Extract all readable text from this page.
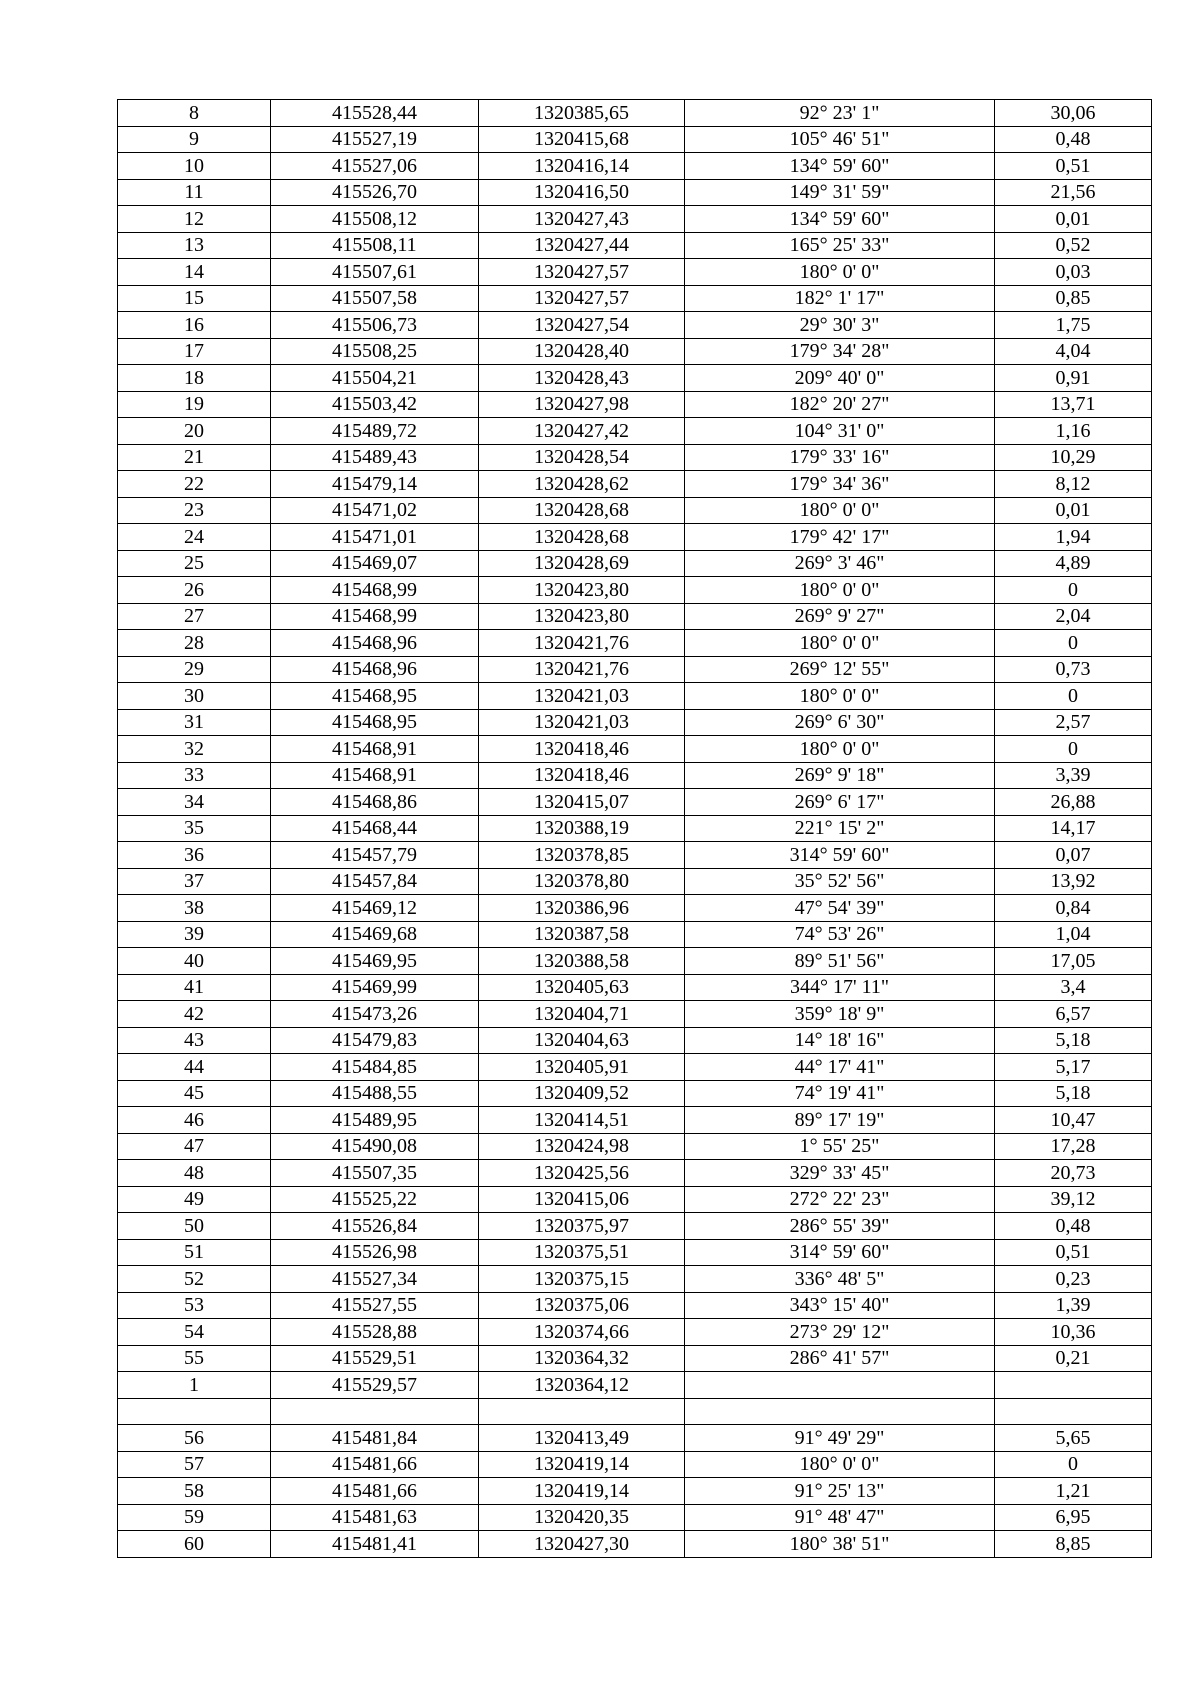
8	415528,44	1320385,65	92° 23' 1"	30,06
9	415527,19	1320415,68	105° 46' 51"	0,48
10	415527,06	1320416,14	134° 59' 60"	0,51
11	415526,70	1320416,50	149° 31' 59"	21,56
12	415508,12	1320427,43	134° 59' 60"	0,01
13	415508,11	1320427,44	165° 25' 33"	0,52
14	415507,61	1320427,57	180° 0' 0"	0,03
15	415507,58	1320427,57	182° 1' 17"	0,85
16	415506,73	1320427,54	29° 30' 3"	1,75
17	415508,25	1320428,40	179° 34' 28"	4,04
18	415504,21	1320428,43	209° 40' 0"	0,91
19	415503,42	1320427,98	182° 20' 27"	13,71
20	415489,72	1320427,42	104° 31' 0"	1,16
21	415489,43	1320428,54	179° 33' 16"	10,29
22	415479,14	1320428,62	179° 34' 36"	8,12
23	415471,02	1320428,68	180° 0' 0"	0,01
24	415471,01	1320428,68	179° 42' 17"	1,94
25	415469,07	1320428,69	269° 3' 46"	4,89
26	415468,99	1320423,80	180° 0' 0"	0
27	415468,99	1320423,80	269° 9' 27"	2,04
28	415468,96	1320421,76	180° 0' 0"	0
29	415468,96	1320421,76	269° 12' 55"	0,73
30	415468,95	1320421,03	180° 0' 0"	0
31	415468,95	1320421,03	269° 6' 30"	2,57
32	415468,91	1320418,46	180° 0' 0"	0
33	415468,91	1320418,46	269° 9' 18"	3,39
34	415468,86	1320415,07	269° 6' 17"	26,88
35	415468,44	1320388,19	221° 15' 2"	14,17
36	415457,79	1320378,85	314° 59' 60"	0,07
37	415457,84	1320378,80	35° 52' 56"	13,92
38	415469,12	1320386,96	47° 54' 39"	0,84
39	415469,68	1320387,58	74° 53' 26"	1,04
40	415469,95	1320388,58	89° 51' 56"	17,05
41	415469,99	1320405,63	344° 17' 11"	3,4
42	415473,26	1320404,71	359° 18' 9"	6,57
43	415479,83	1320404,63	14° 18' 16"	5,18
44	415484,85	1320405,91	44° 17' 41"	5,17
45	415488,55	1320409,52	74° 19' 41"	5,18
46	415489,95	1320414,51	89° 17' 19"	10,47
47	415490,08	1320424,98	1° 55' 25"	17,28
48	415507,35	1320425,56	329° 33' 45"	20,73
49	415525,22	1320415,06	272° 22' 23"	39,12
50	415526,84	1320375,97	286° 55' 39"	0,48
51	415526,98	1320375,51	314° 59' 60"	0,51
52	415527,34	1320375,15	336° 48' 5"	0,23
53	415527,55	1320375,06	343° 15' 40"	1,39
54	415528,88	1320374,66	273° 29' 12"	10,36
55	415529,51	1320364,32	286° 41' 57"	0,21
1	415529,57	1320364,12		

56	415481,84	1320413,49	91° 49' 29"	5,65
57	415481,66	1320419,14	180° 0' 0"	0
58	415481,66	1320419,14	91° 25' 13"	1,21
59	415481,63	1320420,35	91° 48' 47"	6,95
60	415481,41	1320427,30	180° 38' 51"	8,85
